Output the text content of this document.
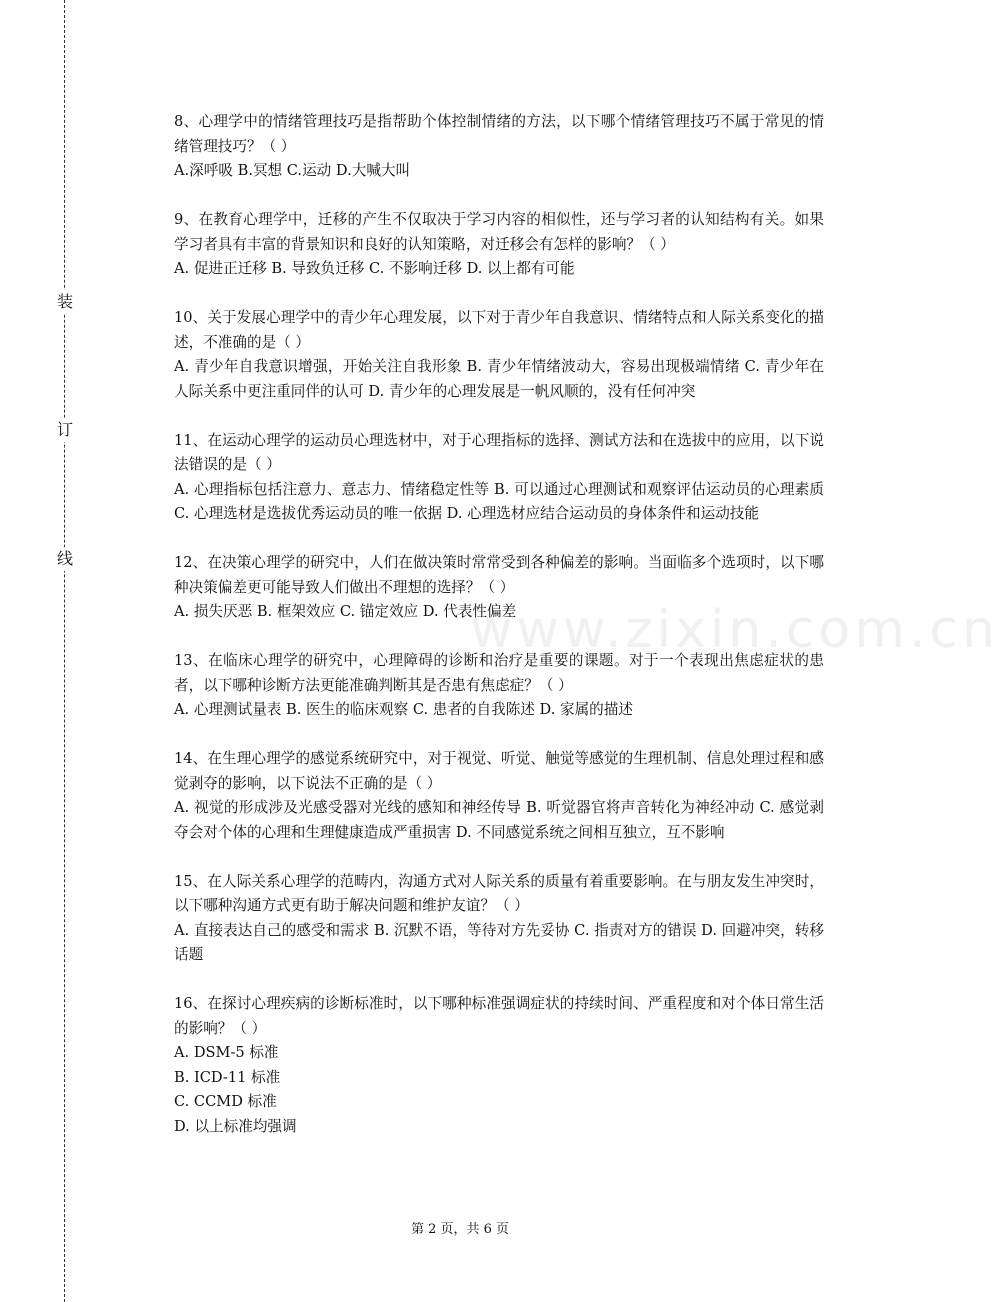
装
订
线
www.zixin.com.cn

8、心理学中的情绪管理技巧是指帮助个体控制情绪的方法，以下哪个情绪管理技巧不属于常见的情绪管理技巧？（ ）

A.深呼吸 B.冥想 C.运动 D.大喊大叫

9、在教育心理学中，迁移的产生不仅取决于学习内容的相似性，还与学习者的认知结构有关。如果学习者具有丰富的背景知识和良好的认知策略，对迁移会有怎样的影响？（ ）

A. 促进正迁移 B. 导致负迁移 C. 不影响迁移 D. 以上都有可能

10、关于发展心理学中的青少年心理发展，以下对于青少年自我意识、情绪特点和人际关系变化的描述，不准确的是（ ）

A. 青少年自我意识增强，开始关注自我形象 B. 青少年情绪波动大，容易出现极端情绪 C. 青少年在人际关系中更注重同伴的认可 D. 青少年的心理发展是一帆风顺的，没有任何冲突

11、在运动心理学的运动员心理选材中，对于心理指标的选择、测试方法和在选拔中的应用，以下说法错误的是（ ）

A. 心理指标包括注意力、意志力、情绪稳定性等 B. 可以通过心理测试和观察评估运动员的心理素质 C. 心理选材是选拔优秀运动员的唯一依据 D. 心理选材应结合运动员的身体条件和运动技能

12、在决策心理学的研究中，人们在做决策时常常受到各种偏差的影响。当面临多个选项时，以下哪种决策偏差更可能导致人们做出不理想的选择？（ ）

A. 损失厌恶 B. 框架效应 C. 锚定效应 D. 代表性偏差

13、在临床心理学的研究中，心理障碍的诊断和治疗是重要的课题。对于一个表现出焦虑症状的患者，以下哪种诊断方法更能准确判断其是否患有焦虑症？（ ）

A. 心理测试量表 B. 医生的临床观察 C. 患者的自我陈述 D. 家属的描述

14、在生理心理学的感觉系统研究中，对于视觉、听觉、触觉等感觉的生理机制、信息处理过程和感觉剥夺的影响，以下说法不正确的是（ ）

A. 视觉的形成涉及光感受器对光线的感知和神经传导 B. 听觉器官将声音转化为神经冲动 C. 感觉剥夺会对个体的心理和生理健康造成严重损害 D. 不同感觉系统之间相互独立，互不影响

15、在人际关系心理学的范畴内，沟通方式对人际关系的质量有着重要影响。在与朋友发生冲突时，以下哪种沟通方式更有助于解决问题和维护友谊？（ ）

A. 直接表达自己的感受和需求 B. 沉默不语，等待对方先妥协 C. 指责对方的错误 D. 回避冲突，转移话题

16、在探讨心理疾病的诊断标准时，以下哪种标准强调症状的持续时间、严重程度和对个体日常生活的影响？（ ）

A. DSM-5 标准

B. ICD-11 标准

C. CCMD 标准

D. 以上标准均强调

第 2 页，共 6 页
